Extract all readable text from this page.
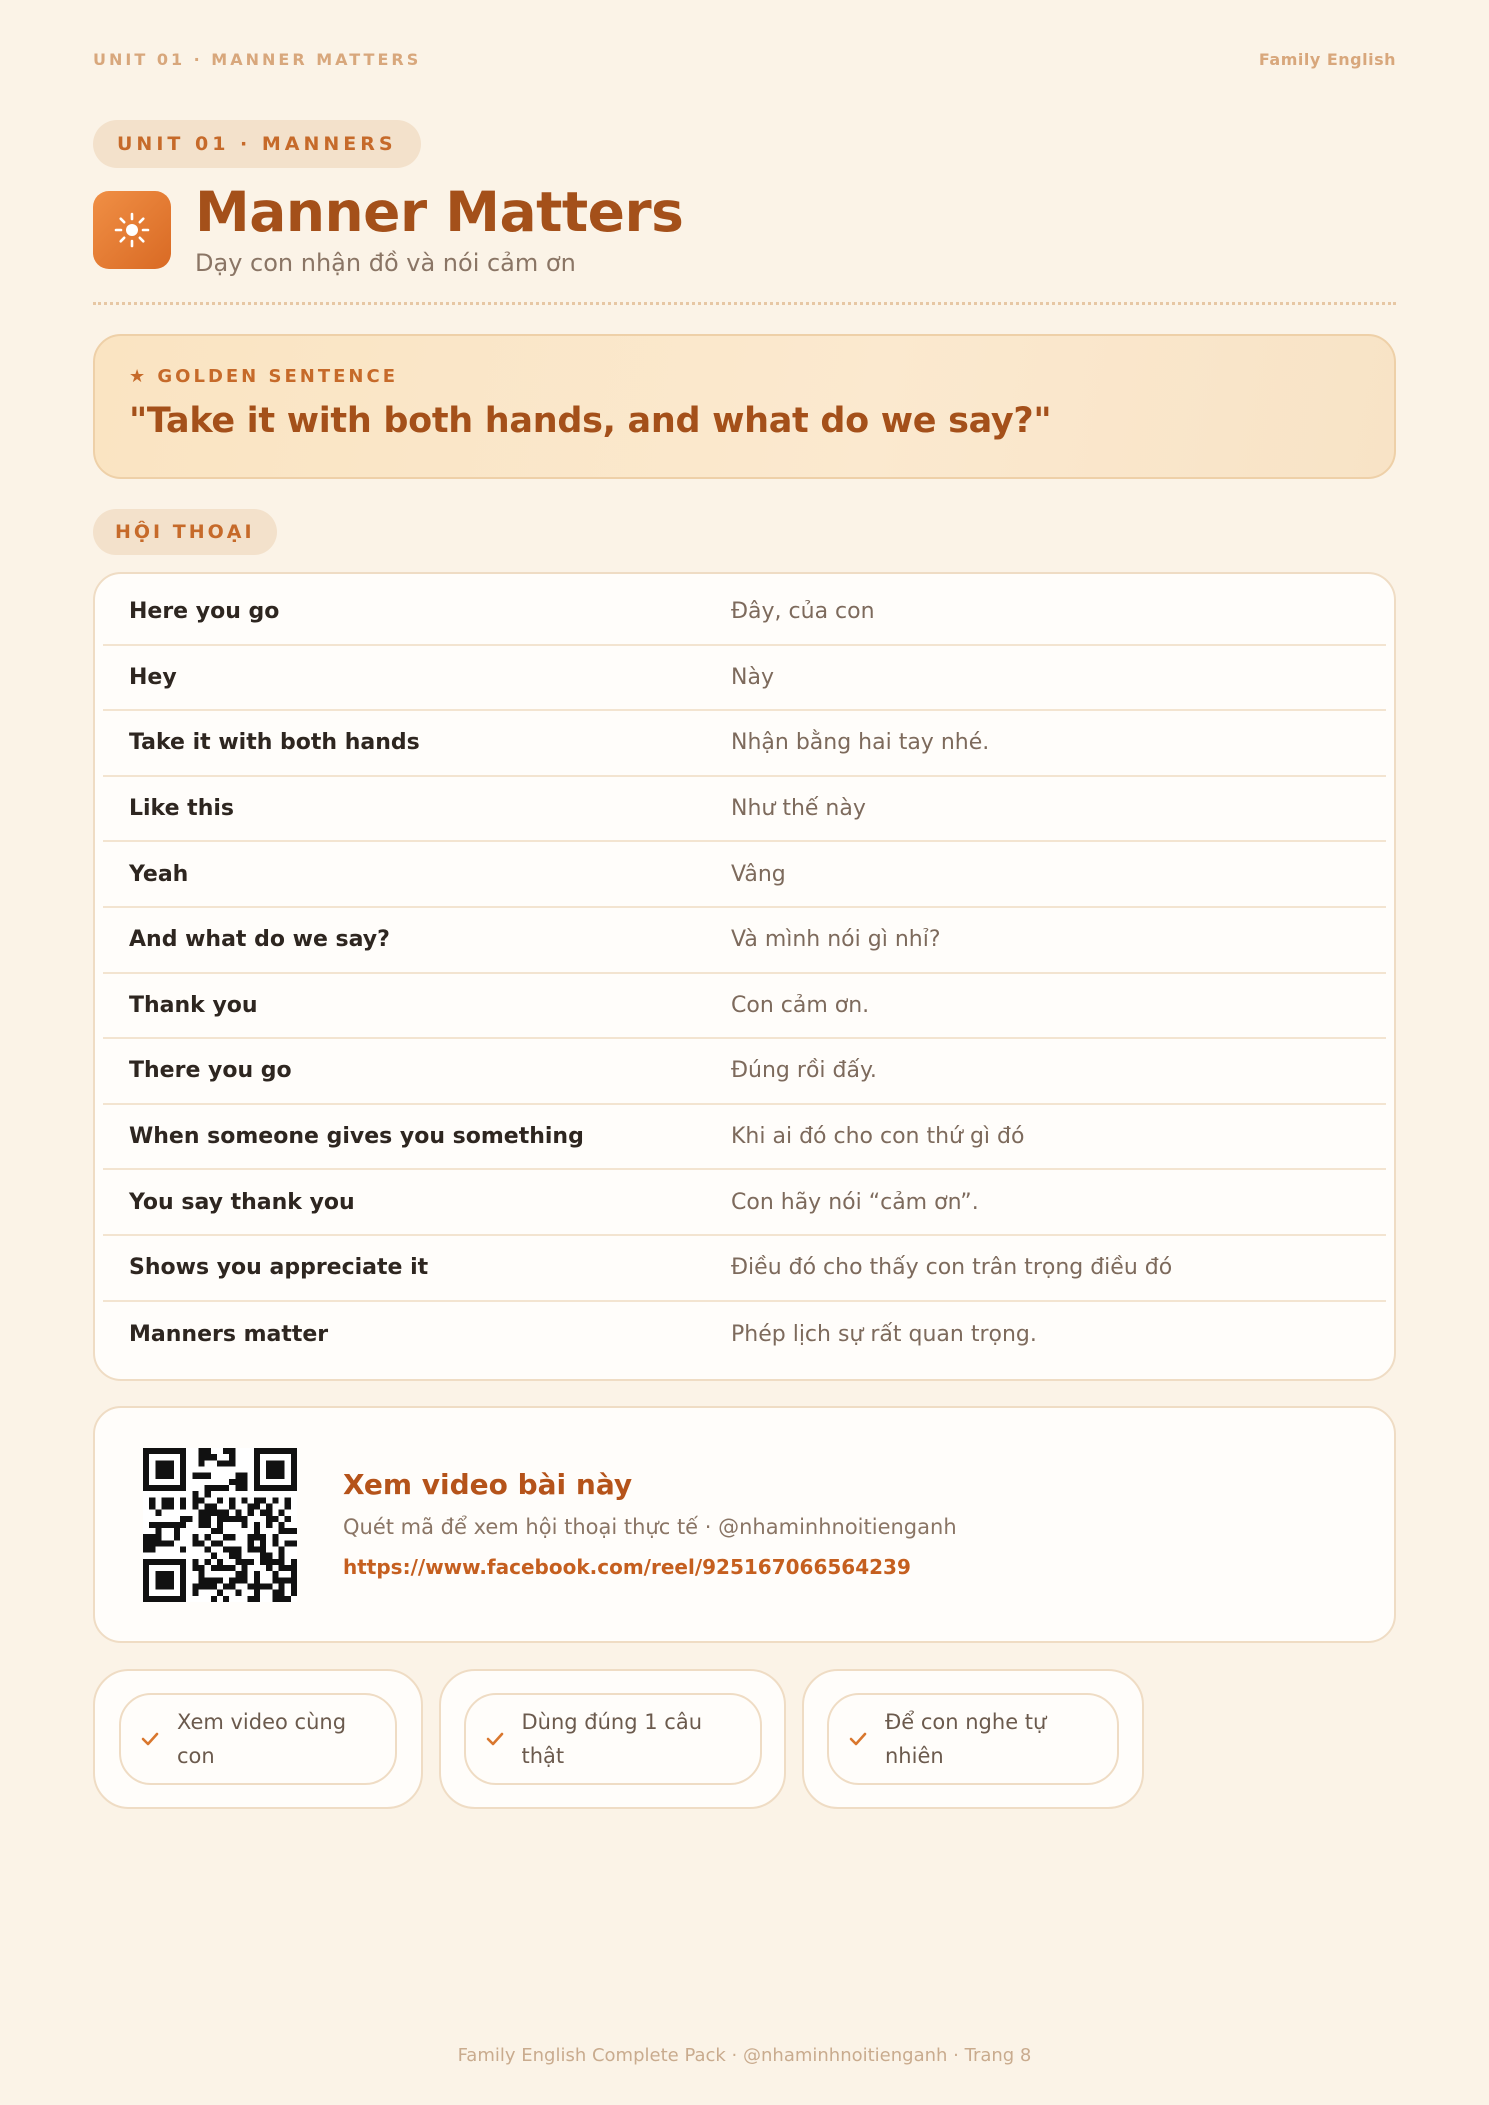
UNIT 01 · MANNER MATTERS	Family English
UNIT 01 · MANNERS
Manner Matters
Dạy con nhận đồ và nói cảm ơn
★ GOLDEN SENTENCE
"Take it with both hands, and what do we say?"
HỘI THOẠI
Here you go	Đây, của con
Hey	Này
Take it with both hands	Nhận bằng hai tay nhé.
Like this	Như thế này
Yeah	Vâng
And what do we say?	Và mình nói gì nhỉ?
Thank you	Con cảm ơn.
There you go	Đúng rồi đấy.
When someone gives you something	Khi ai đó cho con thứ gì đó
You say thank you	Con hãy nói “cảm ơn”.
Shows you appreciate it	Điều đó cho thấy con trân trọng điều đó
Manners matter	Phép lịch sự rất quan trọng.
Xem video bài này
Quét mã để xem hội thoại thực tế · @nhaminhnoitienganh
https://www.facebook.com/reel/925167066564239
Xem video cùng
con
Dùng đúng 1 câu
thật
Để con nghe tự
nhiên
Family English Complete Pack · @nhaminhnoitienganh · Trang 8
